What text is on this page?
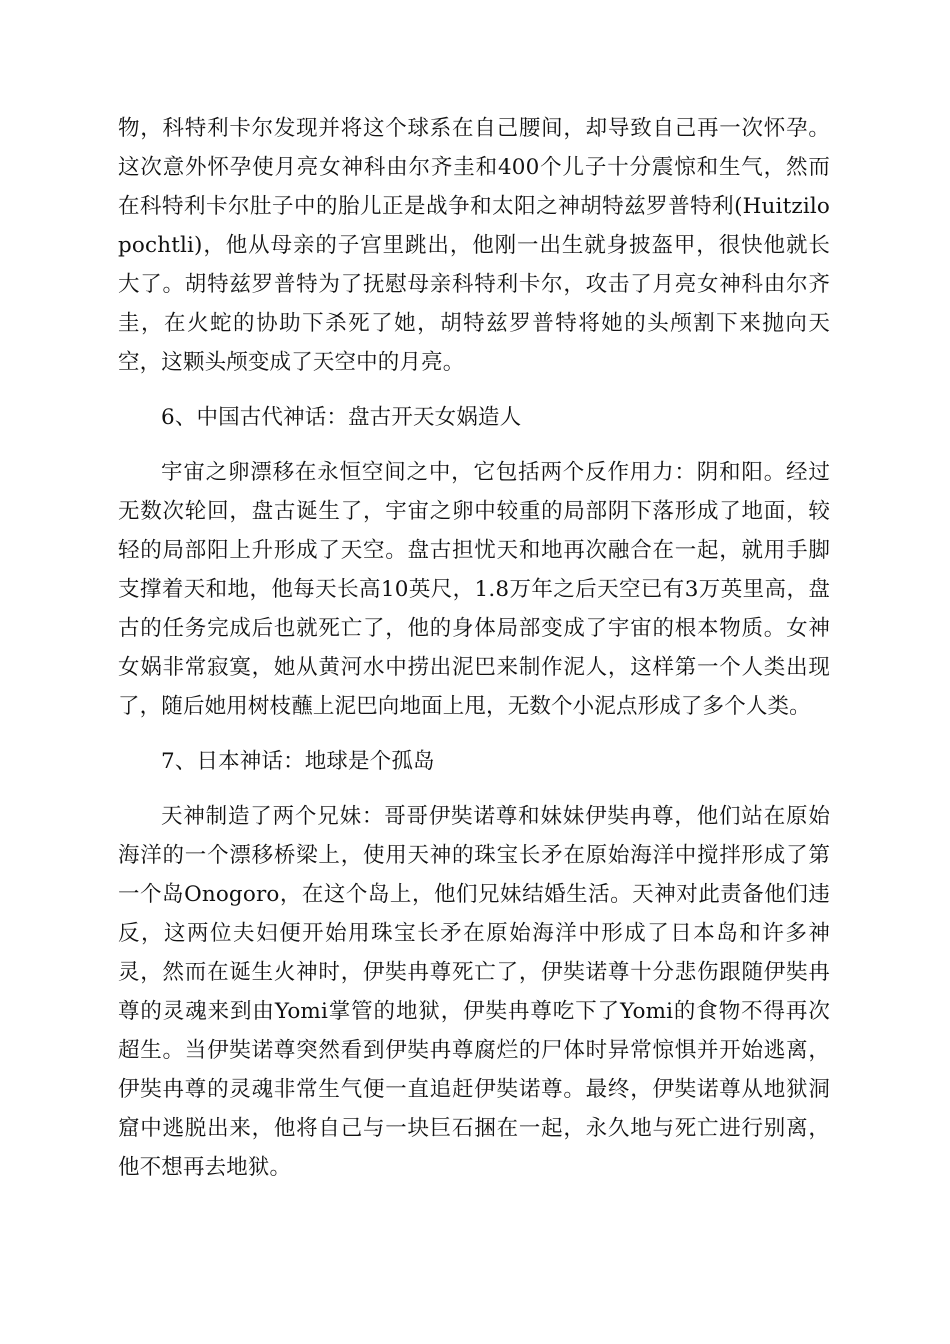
物，科特利卡尔发现并将这个球系在自己腰间，却导致自己再一次怀孕。这次意外怀孕使月亮女神科由尔齐圭和400个儿子十分震惊和生气，然而在科特利卡尔肚子中的胎儿正是战争和太阳之神胡特兹罗普特利(Huitzilopochtli)，他从母亲的子宫里跳出，他刚一出生就身披盔甲，很快他就长大了。胡特兹罗普特为了抚慰母亲科特利卡尔，攻击了月亮女神科由尔齐圭，在火蛇的协助下杀死了她，胡特兹罗普特将她的头颅割下来抛向天空，这颗头颅变成了天空中的月亮。

6、中国古代神话：盘古开天女娲造人

宇宙之卵漂移在永恒空间之中，它包括两个反作用力：阴和阳。经过无数次轮回，盘古诞生了，宇宙之卵中较重的局部阴下落形成了地面，较轻的局部阳上升形成了天空。盘古担忧天和地再次融合在一起，就用手脚支撑着天和地，他每天长高10英尺，1.8万年之后天空已有3万英里高，盘古的任务完成后也就死亡了，他的身体局部变成了宇宙的根本物质。女神女娲非常寂寞，她从黄河水中捞出泥巴来制作泥人，这样第一个人类出现了，随后她用树枝蘸上泥巴向地面上甩，无数个小泥点形成了多个人类。

7、日本神话：地球是个孤岛

天神制造了两个兄妹：哥哥伊奘诺尊和妹妹伊奘冉尊，他们站在原始海洋的一个漂移桥梁上，使用天神的珠宝长矛在原始海洋中搅拌形成了第一个岛Onogoro，在这个岛上，他们兄妹结婚生活。天神对此责备他们违反，这两位夫妇便开始用珠宝长矛在原始海洋中形成了日本岛和许多神灵，然而在诞生火神时，伊奘冉尊死亡了，伊奘诺尊十分悲伤跟随伊奘冉尊的灵魂来到由Yomi掌管的地狱，伊奘冉尊吃下了Yomi的食物不得再次超生。当伊奘诺尊突然看到伊奘冉尊腐烂的尸体时异常惊惧并开始逃离，伊奘冉尊的灵魂非常生气便一直追赶伊奘诺尊。最终，伊奘诺尊从地狱洞窟中逃脱出来，他将自己与一块巨石捆在一起，永久地与死亡进行别离，他不想再去地狱。
